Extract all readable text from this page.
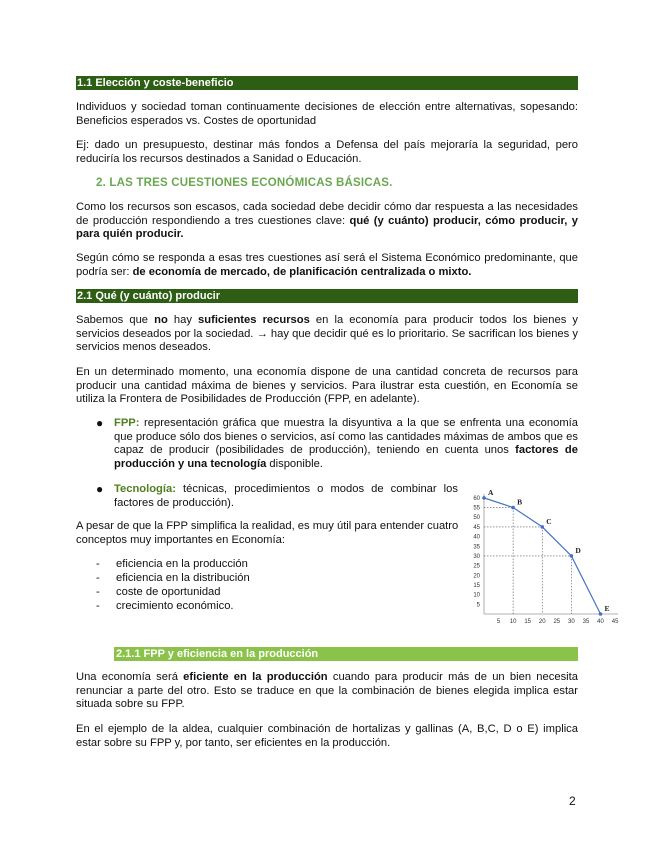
1.1 Elección y coste-beneficio

Individuos y sociedad toman continuamente decisiones de elección entre alternativas, sopesando: Beneficios esperados vs. Costes de oportunidad

Ej: dado un presupuesto, destinar más fondos a Defensa del país mejoraría la seguridad, pero reduciría los recursos destinados a Sanidad o Educación.

2. LAS TRES CUESTIONES ECONÓMICAS BÁSICAS.

Como los recursos son escasos, cada sociedad debe decidir cómo dar respuesta a las necesidades de producción respondiendo a tres cuestiones clave: qué (y cuánto) producir, cómo producir, y para quién producir.

Según cómo se responda a esas tres cuestiones así será el Sistema Económico predominante, que podría ser: de economía de mercado, de planificación centralizada o mixto.

2.1 Qué (y cuánto) producir

Sabemos que no hay suficientes recursos en la economía para producir todos los bienes y servicios deseados por la sociedad. → hay que decidir qué es lo prioritario. Se sacrifican los bienes y servicios menos deseados.

En un determinado momento, una economía dispone de una cantidad concreta de recursos para producir una cantidad máxima de bienes y servicios. Para ilustrar esta cuestión, en Economía se utiliza la Frontera de Posibilidades de Producción (FPP, en adelante).

● FPP: representación gráfica que muestra la disyuntiva a la que se enfrenta una economía que produce sólo dos bienes o servicios, así como las cantidades máximas de ambos que es capaz de producir (posibilidades de producción), teniendo en cuenta unos factores de producción y una tecnología disponible.

● Tecnología: técnicas, procedimientos o modos de combinar los factores de producción).

A pesar de que la FPP simplifica la realidad, es muy útil para entender cuatro conceptos muy importantes en Economía:

- eficiencia en la producción
- eficiencia en la distribución
- coste de oportunidad
- crecimiento económico.
5 10 15 20 25 30 35 40 45
5
10
15
20
25
30
35
40
45
50
55
60
A
B
C
D
E
2.1.1 FPP y eficiencia en la producción

Una economía será eficiente en la producción cuando para producir más de un bien necesita renunciar a parte del otro. Esto se traduce en que la combinación de bienes elegida implica estar situada sobre su FPP.

En el ejemplo de la aldea, cualquier combinación de hortalizas y gallinas (A, B,C, D o E) implica estar sobre su FPP y, por tanto, ser eficientes en la producción.

2
